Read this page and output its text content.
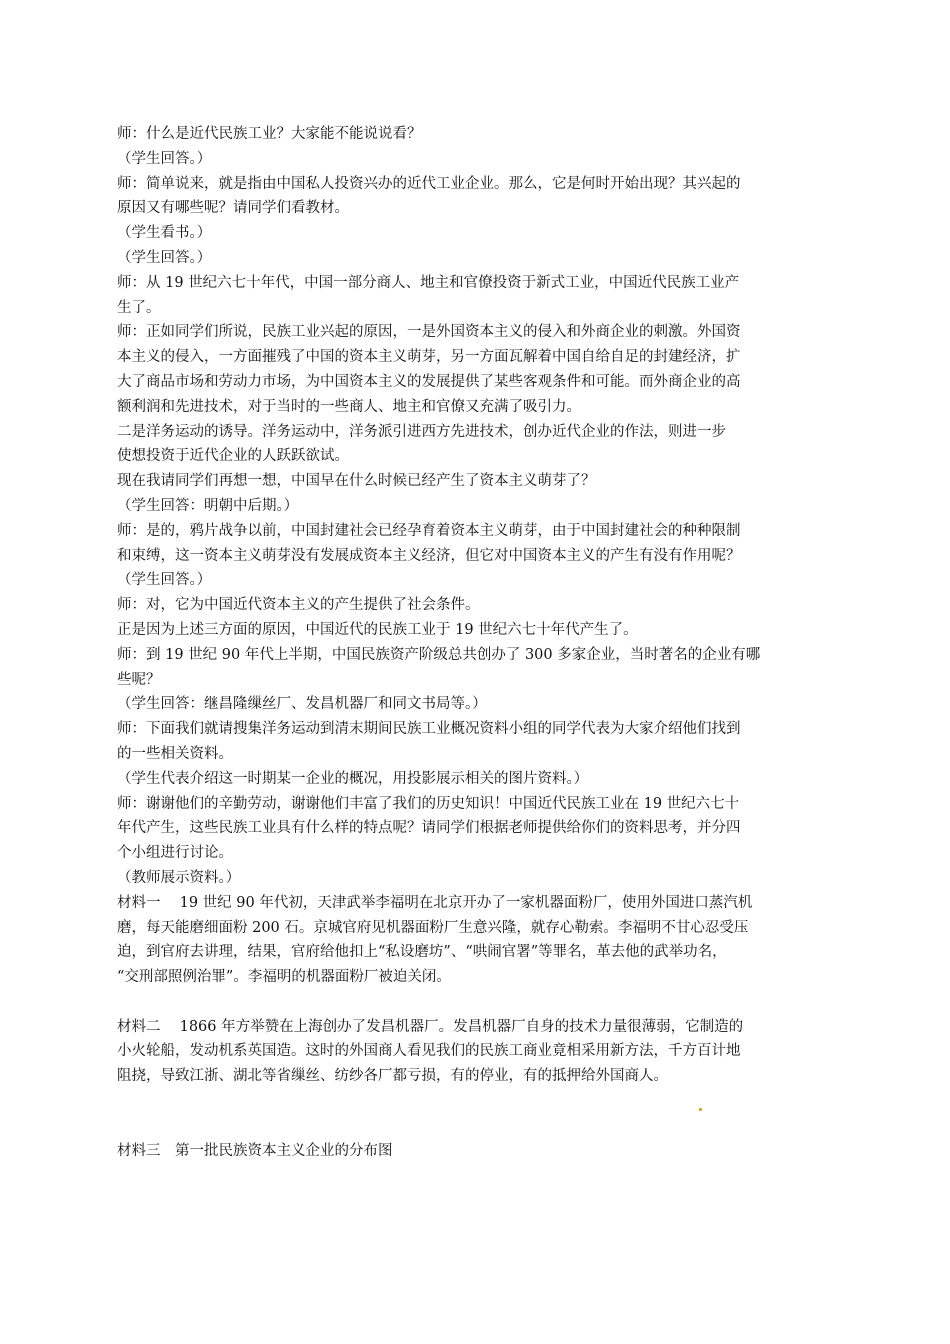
师：什么是近代民族工业？大家能不能说说看？

（学生回答。）

师：简单说来，就是指由中国私人投资兴办的近代工业企业。那么，它是何时开始出现？其兴起的

原因又有哪些呢？请同学们看教材。

（学生看书。）

（学生回答。）

师：从 19 世纪六七十年代，中国一部分商人、地主和官僚投资于新式工业，中国近代民族工业产

生了。

师：正如同学们所说，民族工业兴起的原因，一是外国资本主义的侵入和外商企业的刺激。外国资

本主义的侵入，一方面摧残了中国的资本主义萌芽，另一方面瓦解着中国自给自足的封建经济，扩

大了商品市场和劳动力市场，为中国资本主义的发展提供了某些客观条件和可能。而外商企业的高

额利润和先进技术，对于当时的一些商人、地主和官僚又充满了吸引力。

二是洋务运动的诱导。洋务运动中，洋务派引进西方先进技术，创办近代企业的作法，则进一步

使想投资于近代企业的人跃跃欲试。

现在我请同学们再想一想，中国早在什么时候已经产生了资本主义萌芽了？

（学生回答：明朝中后期。）

师：是的，鸦片战争以前，中国封建社会已经孕育着资本主义萌芽，由于中国封建社会的种种限制

和束缚，这一资本主义萌芽没有发展成资本主义经济，但它对中国资本主义的产生有没有作用呢？

（学生回答。）

师：对，它为中国近代资本主义的产生提供了社会条件。

正是因为上述三方面的原因，中国近代的民族工业于 19 世纪六七十年代产生了。

师：到 19 世纪 90 年代上半期，中国民族资产阶级总共创办了 300 多家企业，当时著名的企业有哪

些呢？

（学生回答：继昌隆缫丝厂、发昌机器厂和同文书局等。）

师：下面我们就请搜集洋务运动到清末期间民族工业概况资料小组的同学代表为大家介绍他们找到

的一些相关资料。

（学生代表介绍这一时期某一企业的概况，用投影展示相关的图片资料。）

师：谢谢他们的辛勤劳动，谢谢他们丰富了我们的历史知识！中国近代民族工业在 19 世纪六七十

年代产生，这些民族工业具有什么样的特点呢？请同学们根据老师提供给你们的资料思考，并分四

个小组进行讨论。

（教师展示资料。）

材料一　 19 世纪 90 年代初，天津武举李福明在北京开办了一家机器面粉厂，使用外国进口蒸汽机

磨，每天能磨细面粉 200 石。京城官府见机器面粉厂生意兴隆，就存心勒索。李福明不甘心忍受压

迫，到官府去讲理，结果，官府给他扣上“私设磨坊”、“哄闹官署”等罪名，革去他的武举功名，

“交刑部照例治罪”。李福明的机器面粉厂被迫关闭。

材料二　 1866 年方举赞在上海创办了发昌机器厂。发昌机器厂自身的技术力量很薄弱，它制造的

小火轮船，发动机系英国造。这时的外国商人看见我们的民族工商业竟相采用新方法，千方百计地

阻挠，导致江浙、湖北等省缫丝、纺纱各厂都亏损，有的停业，有的抵押给外国商人。

材料三　第一批民族资本主义企业的分布图
